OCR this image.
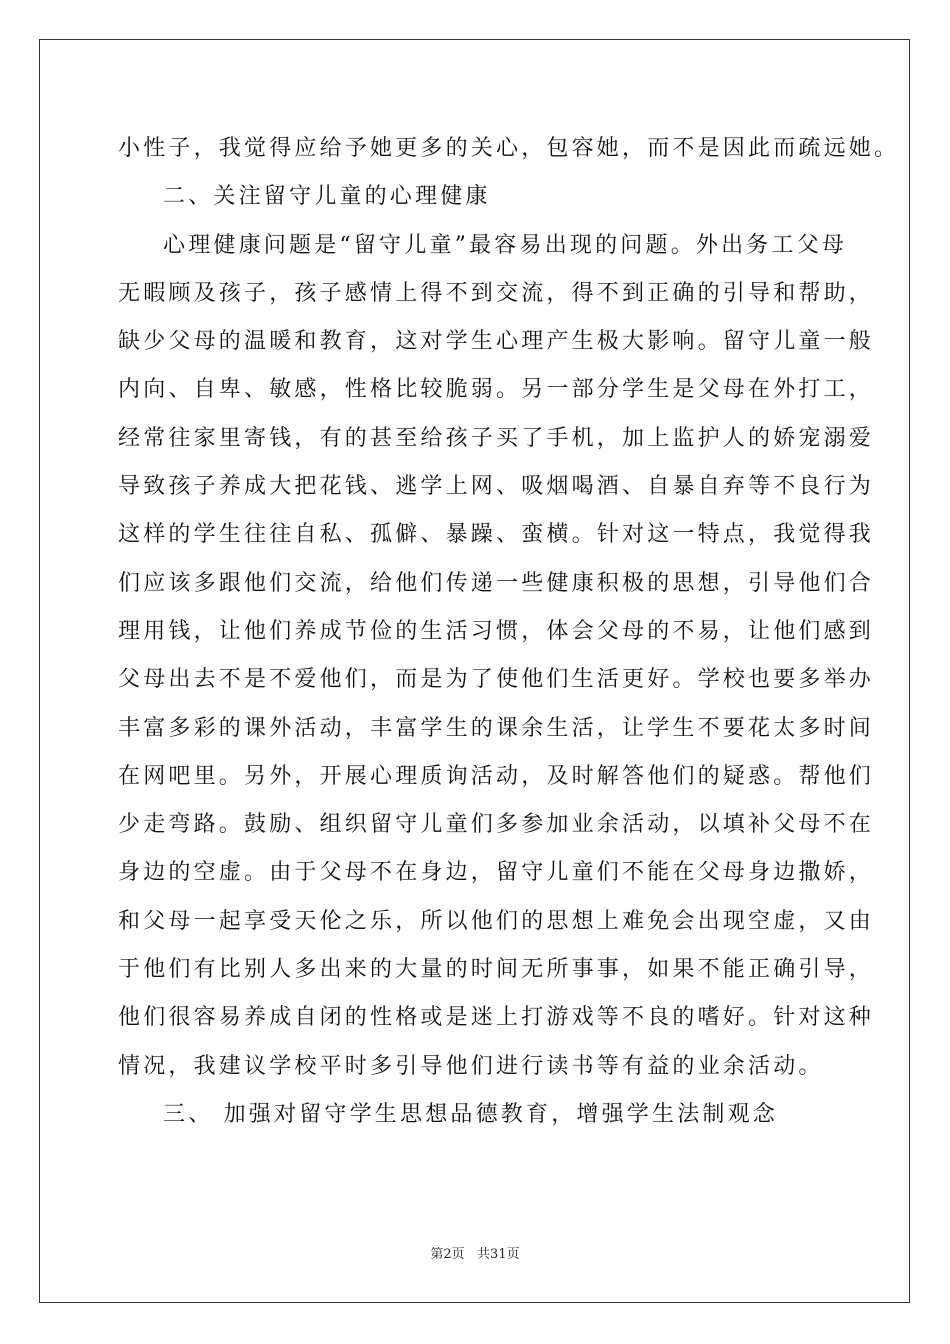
小性子，我觉得应给予她更多的关心，包容她，而不是因此而疏远她。
二、关注留守儿童的心理健康
心理健康问题是“留守儿童”最容易出现的问题。外出务工父母
无暇顾及孩子，孩子感情上得不到交流，得不到正确的引导和帮助，
缺少父母的温暖和教育，这对学生心理产生极大影响。留守儿童一般
内向、自卑、敏感，性格比较脆弱。另一部分学生是父母在外打工，
经常往家里寄钱，有的甚至给孩子买了手机，加上监护人的娇宠溺爱
导致孩子养成大把花钱、逃学上网、吸烟喝酒、自暴自弃等不良行为
这样的学生往往自私、孤僻、暴躁、蛮横。针对这一特点，我觉得我
们应该多跟他们交流，给他们传递一些健康积极的思想，引导他们合
理用钱，让他们养成节俭的生活习惯，体会父母的不易，让他们感到
父母出去不是不爱他们，而是为了使他们生活更好。学校也要多举办
丰富多彩的课外活动，丰富学生的课余生活，让学生不要花太多时间
在网吧里。另外，开展心理质询活动，及时解答他们的疑惑。帮他们
少走弯路。鼓励、组织留守儿童们多参加业余活动，以填补父母不在
身边的空虚。由于父母不在身边，留守儿童们不能在父母身边撒娇，
和父母一起享受天伦之乐，所以他们的思想上难免会出现空虚，又由
于他们有比别人多出来的大量的时间无所事事，如果不能正确引导，
他们很容易养成自闭的性格或是迷上打游戏等不良的嗜好。针对这种
情况，我建议学校平时多引导他们进行读书等有益的业余活动。
三、 加强对留守学生思想品德教育，增强学生法制观念
第2页   共31页
